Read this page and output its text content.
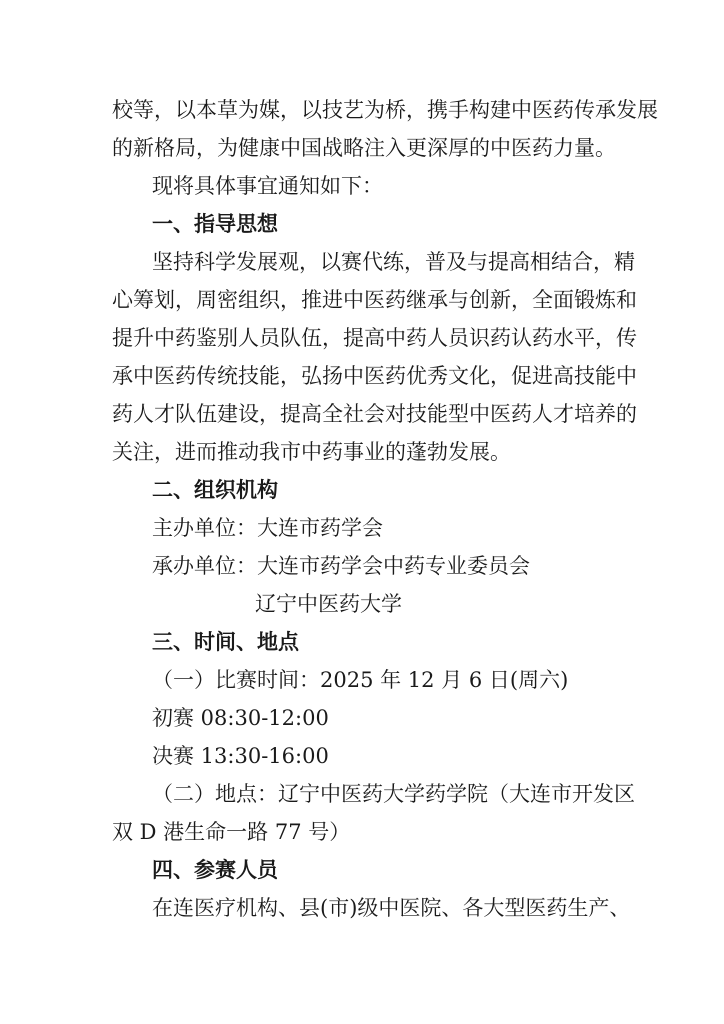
校等，以本草为媒，以技艺为桥，携手构建中医药传承发展
的新格局，为健康中国战略注入更深厚的中医药力量。
现将具体事宜通知如下：
一、指导思想
坚持科学发展观，以赛代练，普及与提高相结合，精
心筹划，周密组织，推进中医药继承与创新，全面锻炼和
提升中药鉴别人员队伍，提高中药人员识药认药水平，传
承中医药传统技能，弘扬中医药优秀文化，促进高技能中
药人才队伍建设，提高全社会对技能型中医药人才培养的
关注，进而推动我市中药事业的蓬勃发展。
二、组织机构
主办单位：大连市药学会
承办单位：大连市药学会中药专业委员会
辽宁中医药大学
三、时间、地点
（一）比赛时间：2025 年 12 月 6 日(周六)
初赛 08:30-12:00
决赛 13:30-16:00
（二）地点：辽宁中医药大学药学院（大连市开发区
双 D 港生命一路 77 号）
四、参赛人员
在连医疗机构、县(市)级中医院、各大型医药生产、
